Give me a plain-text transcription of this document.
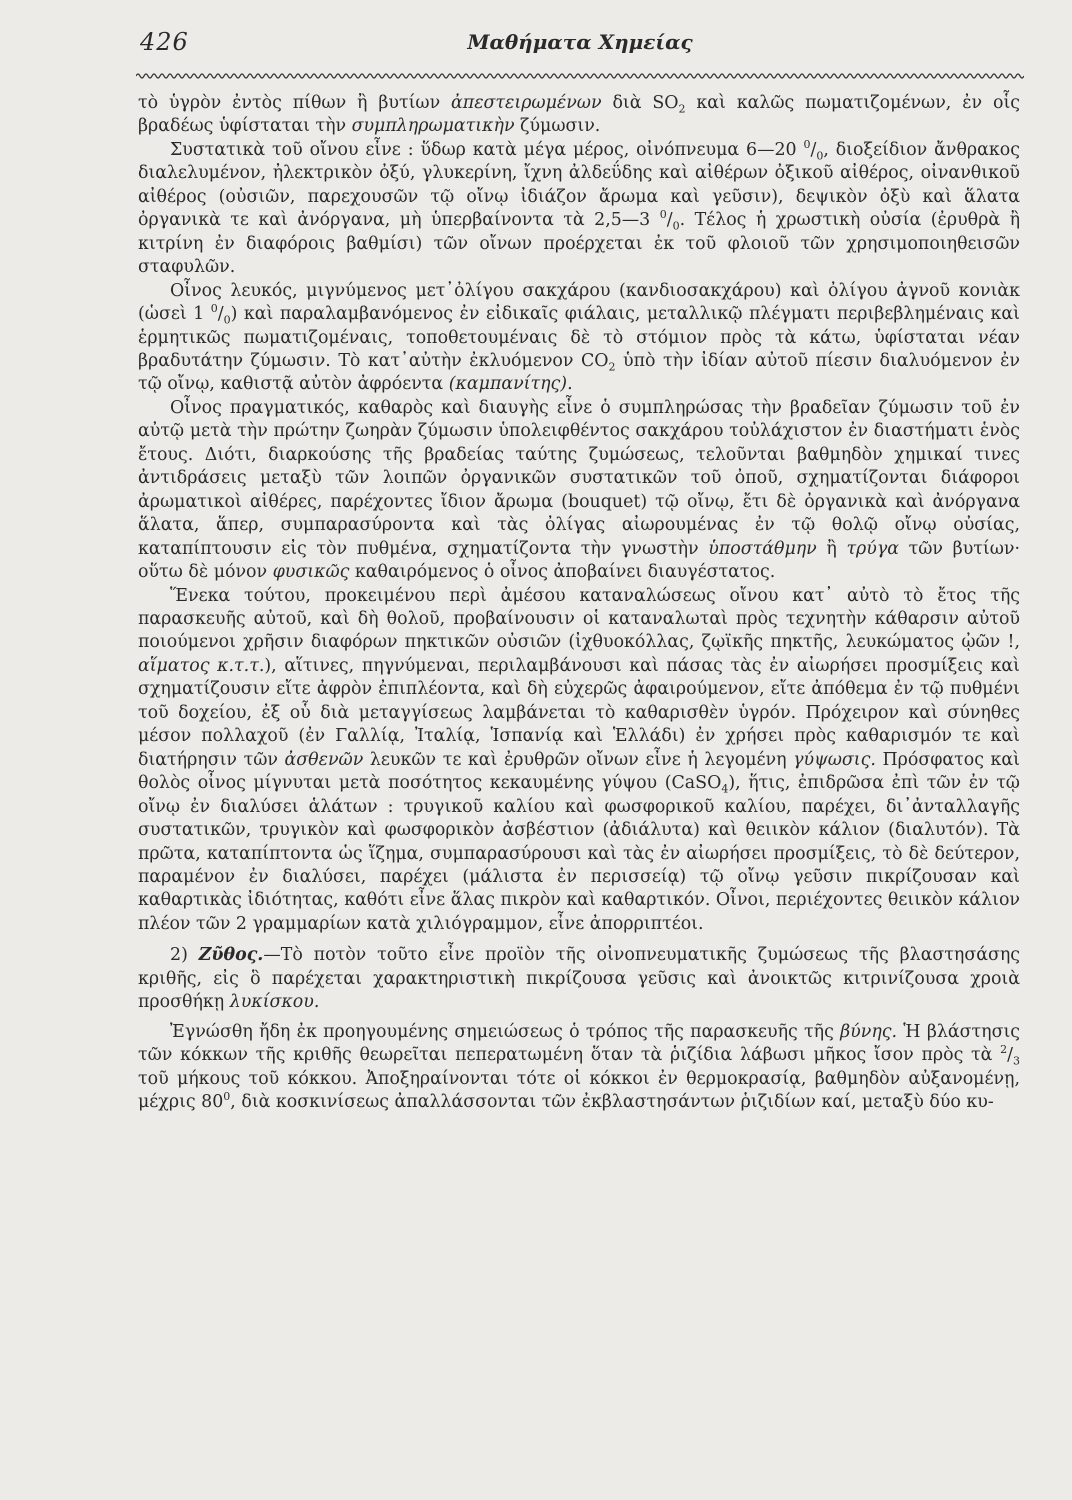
426	Μαθήματα Χημείας

τὸ ὑγρὸν ἐντὸς πίθων ἢ βυτίων ἀπεστειρωμένων διὰ $SO_2$ καὶ καλῶς πωματιζομένων, ἐν οἷς βραδέως ὑφίσταται τὴν συμπληρωματικὴν ζύμωσιν.

Συστατικὰ τοῦ οἴνου εἶνε : ὕδωρ κατὰ μέγα μέρος, οἰνόπνευμα 6—20 $^0/_0$, διοξείδιον ἄνθρακος διαλελυμένον, ἠλεκτρικὸν ὀξύ, γλυκερίνη, ἴχνη ἀλδεΰδης καὶ αἰθέρων ὀξικοῦ αἰθέρος, οἰνανθικοῦ αἰθέρος (οὐσιῶν, παρεχουσῶν τῷ οἴνῳ ἰδιάζον ἄρωμα καὶ γεῦσιν), δεψικὸν ὀξὺ καὶ ἅλατα ὀργανικὰ τε καὶ ἀνόργανα, μὴ ὑπερβαίνοντα τὰ 2,5—3 $^0/_0$. Τέλος ἡ χρωστικὴ οὐσία (ἐρυθρὰ ἢ κιτρίνη ἐν διαφόροις βαθμίσι) τῶν οἴνων προέρχεται ἐκ τοῦ φλοιοῦ τῶν χρησιμοποιηθεισῶν σταφυλῶν.

Οἶνος λευκός, μιγνύμενος μετ᾽ὀλίγου σακχάρου (κανδιοσακχάρου) καὶ ὀλίγου ἀγνοῦ κονιὰκ (ὡσεὶ 1 $^0/_0$) καὶ παραλαμβανόμενος ἐν εἰδικαῖς φιάλαις, μεταλλικῷ πλέγματι περιβεβλημέναις καὶ ἑρμητικῶς πωματιζομέναις, τοποθετουμέναις δὲ τὸ στόμιον πρὸς τὰ κάτω, ὑφίσταται νέαν βραδυτάτην ζύμωσιν. Τὸ κατ᾽αὐτὴν ἐκλυόμενον $CO_2$ ὑπὸ τὴν ἰδίαν αὐτοῦ πίεσιν διαλυόμενον ἐν τῷ οἴνῳ, καθιστᾷ αὐτὸν ἀφρόεντα (καμπανίτης).

Οἶνος πραγματικός, καθαρὸς καὶ διαυγὴς εἶνε ὁ συμπληρώσας τὴν βραδεῖαν ζύμωσιν τοῦ ἐν αὐτῷ μετὰ τὴν πρώτην ζωηρὰν ζύμωσιν ὑπολειφθέντος σακχάρου τοὐλάχιστον ἐν διαστήματι ἑνὸς ἔτους. Διότι, διαρκούσης τῆς βραδείας ταύτης ζυμώσεως, τελοῦνται βαθμηδὸν χημικαί τινες ἀντιδράσεις μεταξὺ τῶν λοιπῶν ὀργανικῶν συστατικῶν τοῦ ὀποῦ, σχηματίζονται διάφοροι ἀρωματικοὶ αἰθέρες, παρέχοντες ἴδιον ἄρωμα (bouquet) τῷ οἴνῳ, ἔτι δὲ ὀργανικὰ καὶ ἀνόργανα ἅλατα, ἅπερ, συμπαρασύροντα καὶ τὰς ὀλίγας αἰωρουμένας ἐν τῷ θολῷ οἴνῳ οὐσίας, καταπίπτουσιν εἰς τὸν πυθμένα, σχηματίζοντα τὴν γνωστὴν ὑποστάθμην ἢ τρύγα τῶν βυτίων· οὕτω δὲ μόνον φυσικῶς καθαιρόμενος ὁ οἶνος ἀποβαίνει διαυγέστατος.

Ἕνεκα τούτου, προκειμένου περὶ ἀμέσου καταναλώσεως οἴνου κατ᾽ αὐτὸ τὸ ἔτος τῆς παρασκευῆς αὐτοῦ, καὶ δὴ θολοῦ, προβαίνουσιν οἱ καταναλωταὶ πρὸς τεχνητὴν κάθαρσιν αὐτοῦ ποιούμενοι χρῆσιν διαφόρων πηκτικῶν οὐσιῶν (ἰχθυοκόλλας, ζῳϊκῆς πηκτῆς, λευκώματος ᾠῶν !, αἵματος κ.τ.τ.), αἵτινες, πηγνύμεναι, περιλαμβάνουσι καὶ πάσας τὰς ἐν αἰωρήσει προσμίξεις καὶ σχηματίζουσιν εἴτε ἀφρὸν ἐπιπλέοντα, καὶ δὴ εὐχερῶς ἀφαιρούμενον, εἴτε ἀπόθεμα ἐν τῷ πυθμένι τοῦ δοχείου, ἐξ οὗ διὰ μεταγγίσεως λαμβάνεται τὸ καθαρισθὲν ὑγρόν. Πρόχειρον καὶ σύνηθες μέσον πολλαχοῦ (ἐν Γαλλίᾳ, Ἰταλίᾳ, Ἱσπανίᾳ καὶ Ἑλλάδι) ἐν χρήσει πρὸς καθαρισμόν τε καὶ διατήρησιν τῶν ἀσθενῶν λευκῶν τε καὶ ἐρυθρῶν οἴνων εἶνε ἡ λεγομένη γύψωσις. Πρόσφατος καὶ θολὸς οἶνος μίγνυται μετὰ ποσότητος κεκαυμένης γύψου (CaSO$_4$), ἥτις, ἐπιδρῶσα ἐπὶ τῶν ἐν τῷ οἴνῳ ἐν διαλύσει ἁλάτων : τρυγικοῦ καλίου καὶ φωσφορικοῦ καλίου, παρέχει, δι᾽ἀνταλλαγῆς συστατικῶν, τρυγικὸν καὶ φωσφορικὸν ἀσβέστιον (ἀδιάλυτα) καὶ θειικὸν κάλιον (διαλυτόν). Τὰ πρῶτα, καταπίπτοντα ὡς ἵζημα, συμπαρασύρουσι καὶ τὰς ἐν αἰωρήσει προσμίξεις, τὸ δὲ δεύτερον, παραμένον ἐν διαλύσει, παρέχει (μάλιστα ἐν περισσείᾳ) τῷ οἴνῳ γεῦσιν πικρίζουσαν καὶ καθαρτικὰς ἰδιότητας, καθότι εἶνε ἅλας πικρὸν καὶ καθαρτικόν. Οἶνοι, περιέχοντες θειικὸν κάλιον πλέον τῶν 2 γραμμαρίων κατὰ χιλιόγραμμον, εἶνε ἀπορριπτέοι.

2) Ζῦθος.—Τὸ ποτὸν τοῦτο εἶνε προϊὸν τῆς οἰνοπνευματικῆς ζυμώσεως τῆς βλαστησάσης κριθῆς, εἰς ὃ παρέχεται χαρακτηριστικὴ πικρίζουσα γεῦσις καὶ ἀνοικτῶς κιτρινίζουσα χροιὰ προσθήκῃ λυκίσκου.

Ἐγνώσθη ἤδη ἐκ προηγουμένης σημειώσεως ὁ τρόπος τῆς παρασκευῆς τῆς βύνης. Ἡ βλάστησις τῶν κόκκων τῆς κριθῆς θεωρεῖται πεπερατωμένη ὅταν τὰ ῥιζίδια λάβωσι μῆκος ἴσον πρὸς τὰ $^2/_3$ τοῦ μήκους τοῦ κόκκου. Ἀποξηραίνονται τότε οἱ κόκκοι ἐν θερμοκρασίᾳ, βαθμηδὸν αὐξανομένῃ, μέχρις $80^0$, διὰ κοσκινίσεως ἀπαλλάσσονται τῶν ἐκβλαστησάντων ῥιζιδίων καί, μεταξὺ δύο κυ-
